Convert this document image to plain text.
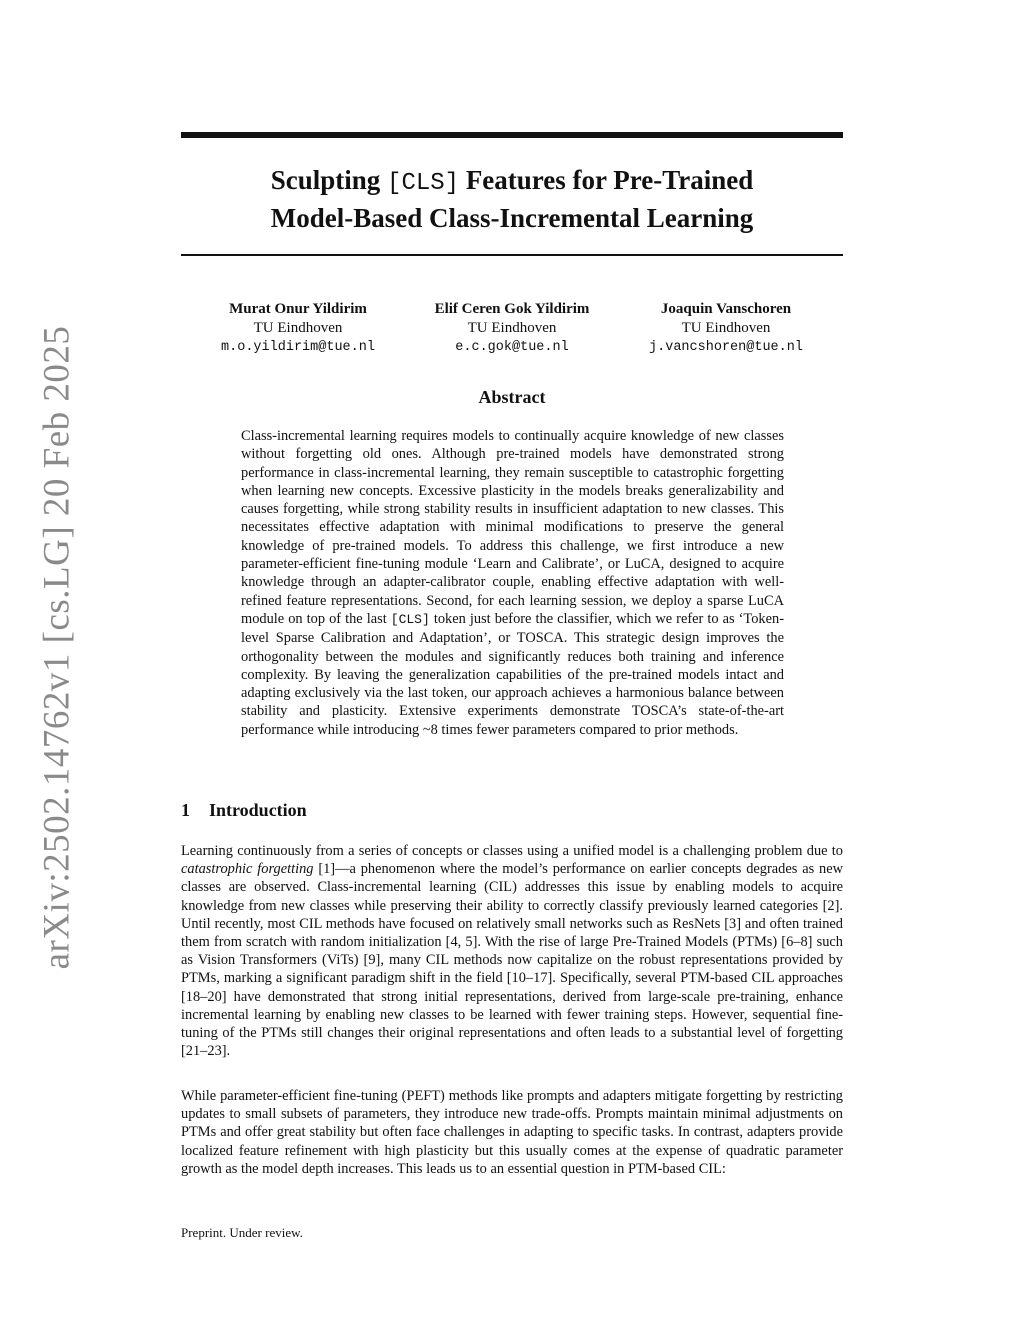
arXiv:2502.14762v1 [cs.LG] 20 Feb 2025
Sculpting [CLS] Features for Pre-Trained
Model-Based Class-Incremental Learning
Murat Onur Yildirim
TU Eindhoven
m.o.yildirim@tue.nl
Elif Ceren Gok Yildirim
TU Eindhoven
e.c.gok@tue.nl
Joaquin Vanschoren
TU Eindhoven
j.vancshoren@tue.nl
Abstract

Class-incremental learning requires models to continually acquire knowledge of new classes without forgetting old ones. Although pre-trained models have demonstrated strong performance in class-incremental learning, they remain susceptible to catastrophic forgetting when learning new concepts. Excessive plasticity in the models breaks generalizability and causes forgetting, while strong stability results in insufficient adaptation to new classes. This necessitates effective adaptation with minimal modifications to preserve the general knowledge of pre-trained models. To address this challenge, we first introduce a new parameter-efficient fine-tuning module ‘Learn and Calibrate’, or LuCA, designed to acquire knowledge through an adapter-calibrator couple, enabling effective adaptation with well-refined feature representations. Second, for each learning session, we deploy a sparse LuCA module on top of the last [CLS] token just before the classifier, which we refer to as ‘Token-level Sparse Calibration and Adaptation’, or TOSCA. This strategic design improves the orthogonality between the modules and significantly reduces both training and inference complexity. By leaving the generalization capabilities of the pre-trained models intact and adapting exclusively via the last token, our approach achieves a harmonious balance between stability and plasticity. Extensive experiments demonstrate TOSCA’s state-of-the-art performance while introducing ~8 times fewer parameters compared to prior methods.

1 Introduction

Learning continuously from a series of concepts or classes using a unified model is a challenging problem due to catastrophic forgetting [1]—a phenomenon where the model’s performance on earlier concepts degrades as new classes are observed. Class-incremental learning (CIL) addresses this issue by enabling models to acquire knowledge from new classes while preserving their ability to correctly classify previously learned categories [2]. Until recently, most CIL methods have focused on relatively small networks such as ResNets [3] and often trained them from scratch with random initialization [4, 5]. With the rise of large Pre-Trained Models (PTMs) [6–8] such as Vision Transformers (ViTs) [9], many CIL methods now capitalize on the robust representations provided by PTMs, marking a significant paradigm shift in the field [10–17]. Specifically, several PTM-based CIL approaches [18–20] have demonstrated that strong initial representations, derived from large-scale pre-training, enhance incremental learning by enabling new classes to be learned with fewer training steps. However, sequential fine-tuning of the PTMs still changes their original representations and often leads to a substantial level of forgetting [21–23].

While parameter-efficient fine-tuning (PEFT) methods like prompts and adapters mitigate forgetting by restricting updates to small subsets of parameters, they introduce new trade-offs. Prompts maintain minimal adjustments on PTMs and offer great stability but often face challenges in adapting to specific tasks. In contrast, adapters provide localized feature refinement with high plasticity but this usually comes at the expense of quadratic parameter growth as the model depth increases. This leads us to an essential question in PTM-based CIL:

Preprint. Under review.
